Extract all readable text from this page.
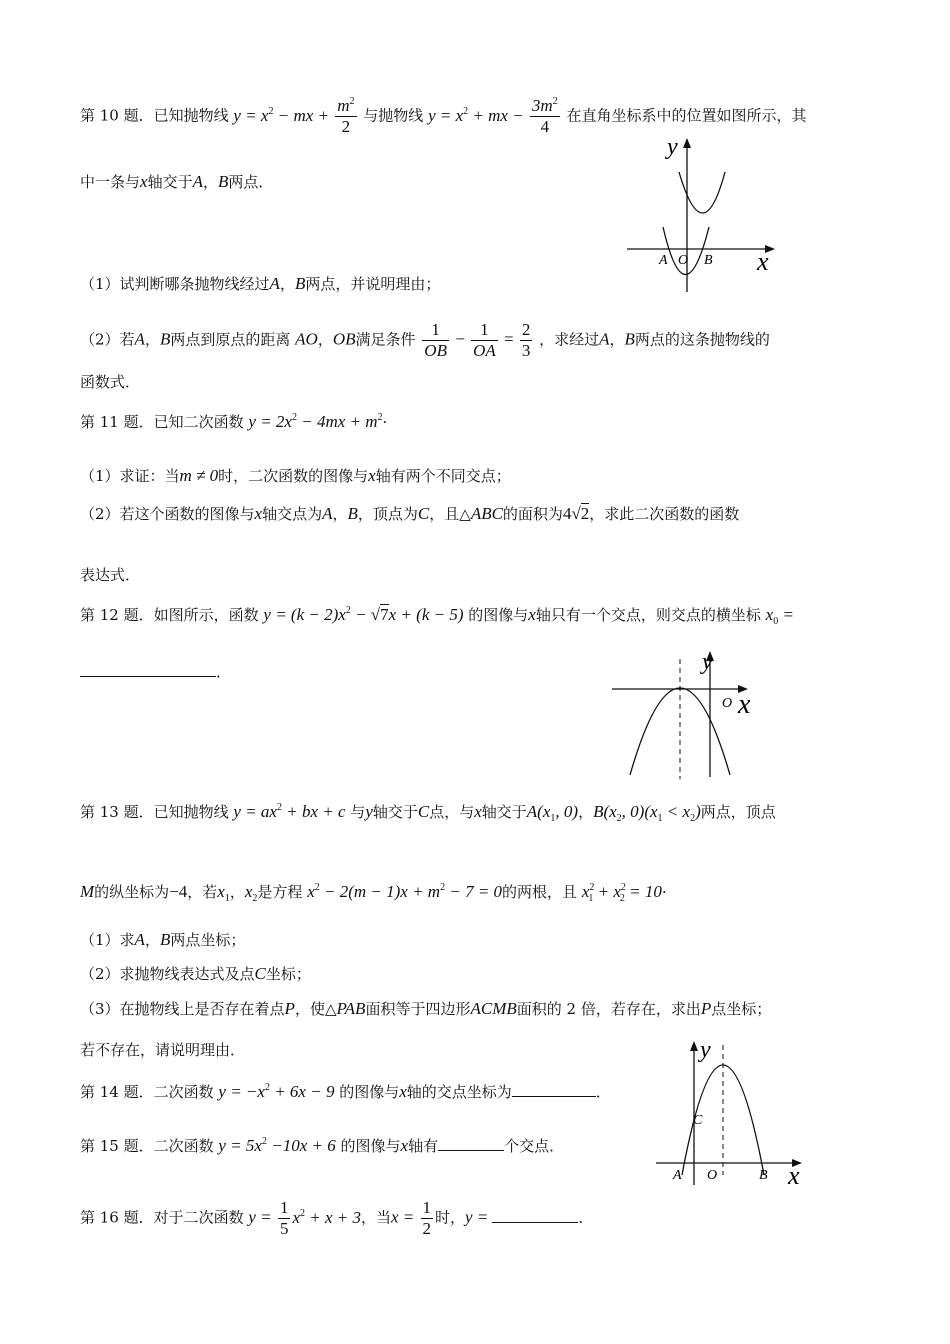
第 10 题．已知抛物线 $y = x^2$ − mx + $\frac{m^2}{2}$ 与抛物线 $y = x^2$ + mx − $\frac{3m^2}{4}$ 在直角坐标系中的位置如图所示，其
中一条与x轴交于A，B两点．
y
x
A O B
（1）试判断哪条抛物线经过A，B两点，并说明理由；
（2）若A，B两点到原点的距离 AO，OB满足条件 $\frac{1}{OB} - \frac{1}{OA} = \frac{2}{3}$ ，求经过A，B两点的这条抛物线的
函数式．
第 11 题．已知二次函数 $y = 2x^2 - 4mx + m^2\cdot$
（1）求证：当m ≠ 0时，二次函数的图像与x轴有两个不同交点；
（2）若这个函数的图像与x轴交点为A，B，顶点为C，且△ABC的面积为4√2，求此二次函数的函数
表达式．
第 12 题．如图所示，函数 $y = (k - 2)x^2 - √7x + (k - 5)$ 的图像与x轴只有一个交点，则交点的横坐标 $x_0$ =
．	y
O x
第 13 题．已知抛物线 $y = ax^2$ + bx + c 与y轴交于C点，与x轴交于$A(x_1$, 0)，$B(x_2$, $0)(x_1 < x_2)$两点，顶点
M的纵坐标为−4，若$x_1$，$x_2$是方程 $x^2 - 2(m - 1)x + m^2 - 7 = 0$的两根，且 $x^2_1 + x^2_2 = 10\cdot$
（1）求A，B两点坐标；
（2）求抛物线表达式及点C坐标；
（3）在抛物线上是否存在着点P，使△PAB面积等于四边形ACMB面积的 2 倍，若存在，求出P点坐标；
若不存在，请说明理由．	y
C
A O	B x
第 14 题．二次函数 $y = -x^2 + 6x - 9$ 的图像与x轴的交点坐标为	．
第 15 题．二次函数 $y = 5x^2 -10x + 6$ 的图像与x轴有	个交点．
第 16 题．对于二次函数 $y = \frac{1}{5} x^2 + x + 3$，当$x = \frac{1}{2}$ 时，y =	．
